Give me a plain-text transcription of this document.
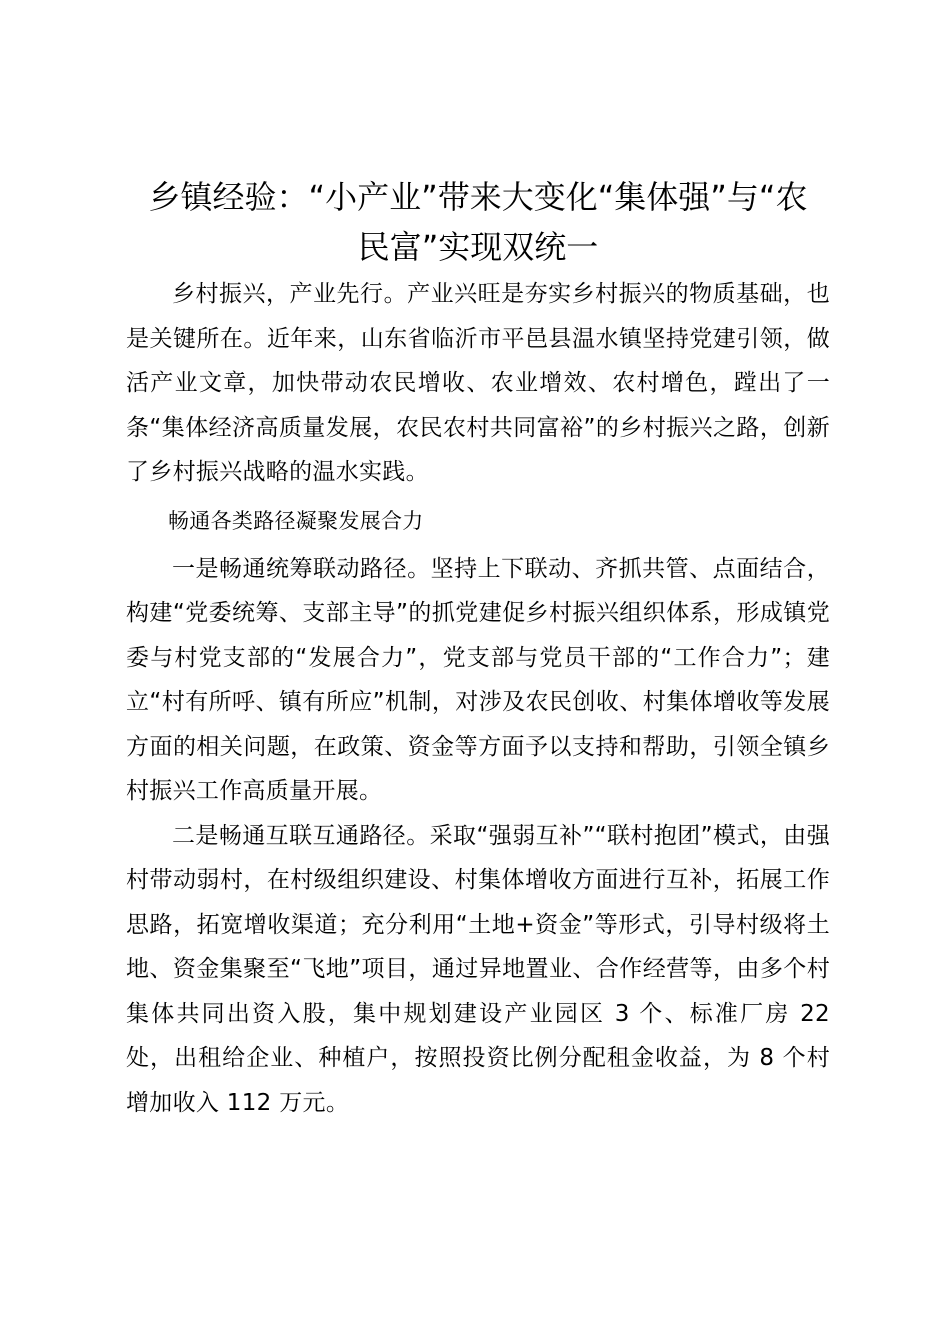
乡镇经验：“小产业”带来大变化“集体强”与“农民富”实现双统一

乡村振兴，产业先行。产业兴旺是夯实乡村振兴的物质基础，也是关键所在。近年来，山东省临沂市平邑县温水镇坚持党建引领，做活产业文章，加快带动农民增收、农业增效、农村增色，蹚出了一条“集体经济高质量发展，农民农村共同富裕”的乡村振兴之路，创新了乡村振兴战略的温水实践。

畅通各类路径凝聚发展合力

一是畅通统筹联动路径。坚持上下联动、齐抓共管、点面结合，构建“党委统筹、支部主导”的抓党建促乡村振兴组织体系，形成镇党委与村党支部的“发展合力”，党支部与党员干部的“工作合力”；建立“村有所呼、镇有所应”机制，对涉及农民创收、村集体增收等发展方面的相关问题，在政策、资金等方面予以支持和帮助，引领全镇乡村振兴工作高质量开展。

二是畅通互联互通路径。采取“强弱互补”“联村抱团”模式，由强村带动弱村，在村级组织建设、村集体增收方面进行互补，拓展工作思路，拓宽增收渠道；充分利用“土地+资金”等形式，引导村级将土地、资金集聚至“飞地”项目，通过异地置业、合作经营等，由多个村集体共同出资入股，集中规划建设产业园区 3 个、标准厂房 22 处，出租给企业、种植户，按照投资比例分配租金收益，为 8 个村增加收入 112 万元。
